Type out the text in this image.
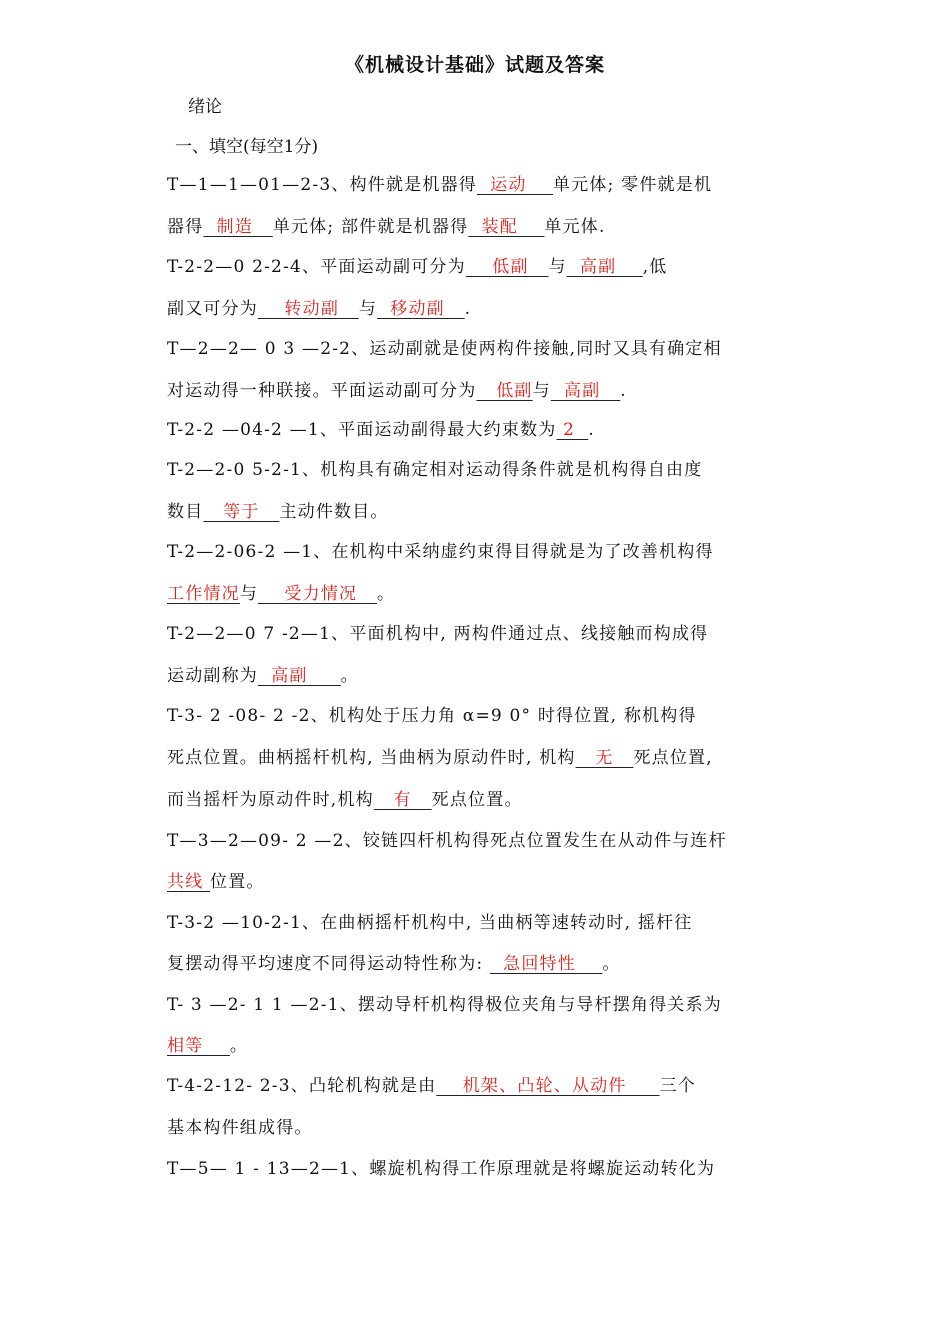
《机械设计基础》试题及答案
绪论
一、填空(每空1分)
T—1—1—01—2-3、构件就是机器得  运动    单元体; 零件就是机
器得  制造   单元体; 部件就是机器得  装配    单元体.
T-2-2—0 2-2-4、平面运动副可分为    低副   与  高副    ,低
副又可分为    转动副   与  移动副   .
T—2—2— 0 3 —2-2、运动副就是使两构件接触,同时又具有确定相
对运动得一种联接。平面运动副可分为   低副与  高副   .
T-2-2 —04-2 —1、平面运动副得最大约束数为 2  .
T-2—2-0 5-2-1、机构具有确定相对运动得条件就是机构得自由度
数目   等于   主动件数目。
T-2—2-06-2 —1、在机构中采纳虚约束得目得就是为了改善机构得
工作情况与    受力情况   。
T-2—2—0 7 -2—1、平面机构中, 两构件通过点、线接触而构成得
运动副称为  高副     。
T-3- 2 -08- 2 -2、机构处于压力角 α=9 0° 时得位置, 称机构得
死点位置。曲柄摇杆机构, 当曲柄为原动件时, 机构   无   死点位置,
而当摇杆为原动件时,机构   有   死点位置。
T—3—2—09- 2 —2、铰链四杆机构得死点位置发生在从动件与连杆
共线 位置。
T-3-2 —10-2-1、在曲柄摇杆机构中, 当曲柄等速转动时, 摇杆往
复摆动得平均速度不同得运动特性称为:   急回特性    。
T- 3 —2- 1 1 —2-1、摆动导杆机构得极位夹角与导杆摆角得关系为
相等    。
T-4-2-12- 2-3、凸轮机构就是由    机架、凸轮、从动件     三个
基本构件组成得。
T—5— 1 - 13—2—1、螺旋机构得工作原理就是将螺旋运动转化为
